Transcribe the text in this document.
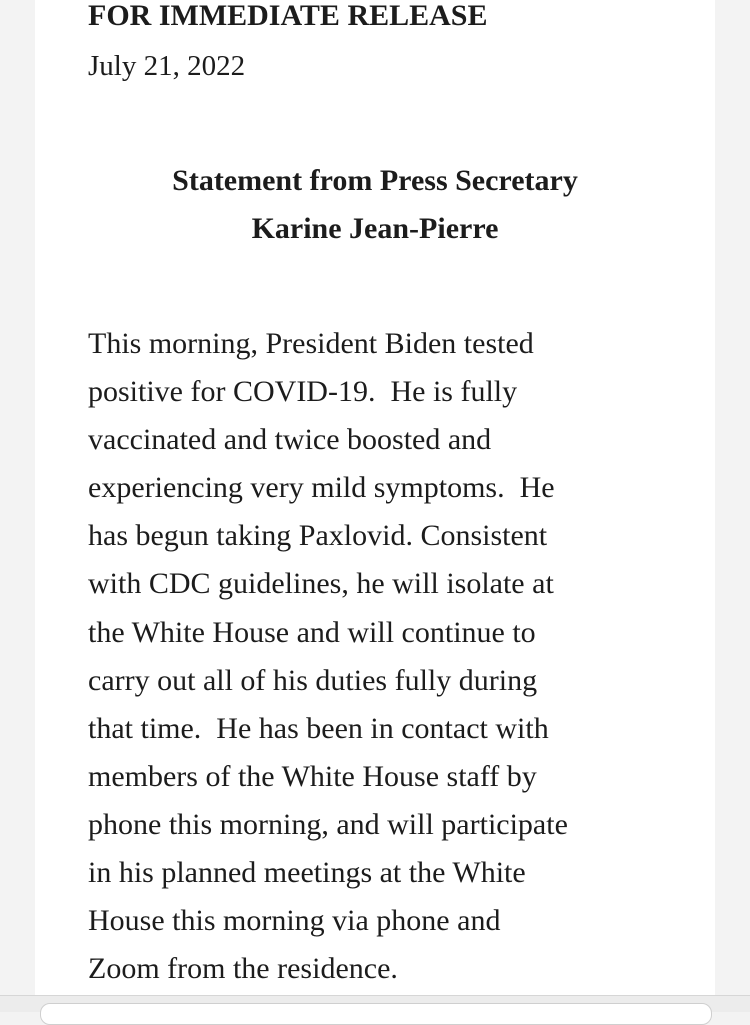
FOR IMMEDIATE RELEASE
July 21, 2022
Statement from Press Secretary
Karine Jean-Pierre
This morning, President Biden tested
positive for COVID-19.  He is fully
vaccinated and twice boosted and
experiencing very mild symptoms.  He
has begun taking Paxlovid. Consistent
with CDC guidelines, he will isolate at
the White House and will continue to
carry out all of his duties fully during
that time.  He has been in contact with
members of the White House staff by
phone this morning, and will participate
in his planned meetings at the White
House this morning via phone and
Zoom from the residence.
